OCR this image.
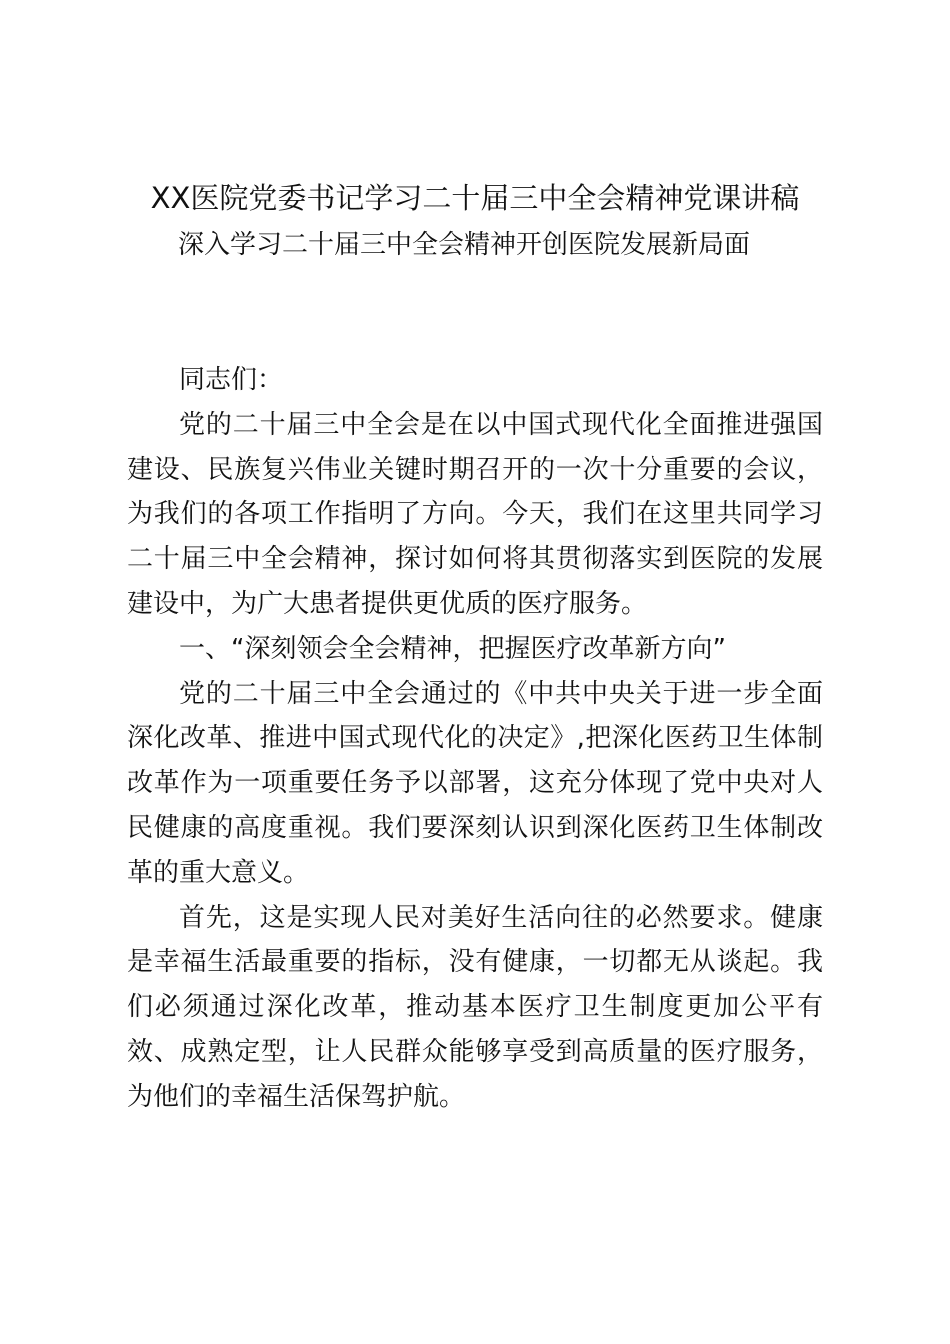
XX医院党委书记学习二十届三中全会精神党课讲稿
深入学习二十届三中全会精神开创医院发展新局面

同志们：

党的二十届三中全会是在以中国式现代化全面推进强国建设、民族复兴伟业关键时期召开的一次十分重要的会议，为我们的各项工作指明了方向。今天，我们在这里共同学习二十届三中全会精神，探讨如何将其贯彻落实到医院的发展建设中，为广大患者提供更优质的医疗服务。

一、“深刻领会全会精神，把握医疗改革新方向”

党的二十届三中全会通过的《中共中央关于进一步全面深化改革、推进中国式现代化的决定》,把深化医药卫生体制改革作为一项重要任务予以部署，这充分体现了党中央对人民健康的高度重视。我们要深刻认识到深化医药卫生体制改革的重大意义。

首先，这是实现人民对美好生活向往的必然要求。健康是幸福生活最重要的指标，没有健康，一切都无从谈起。我们必须通过深化改革，推动基本医疗卫生制度更加公平有效、成熟定型，让人民群众能够享受到高质量的医疗服务，为他们的幸福生活保驾护航。
